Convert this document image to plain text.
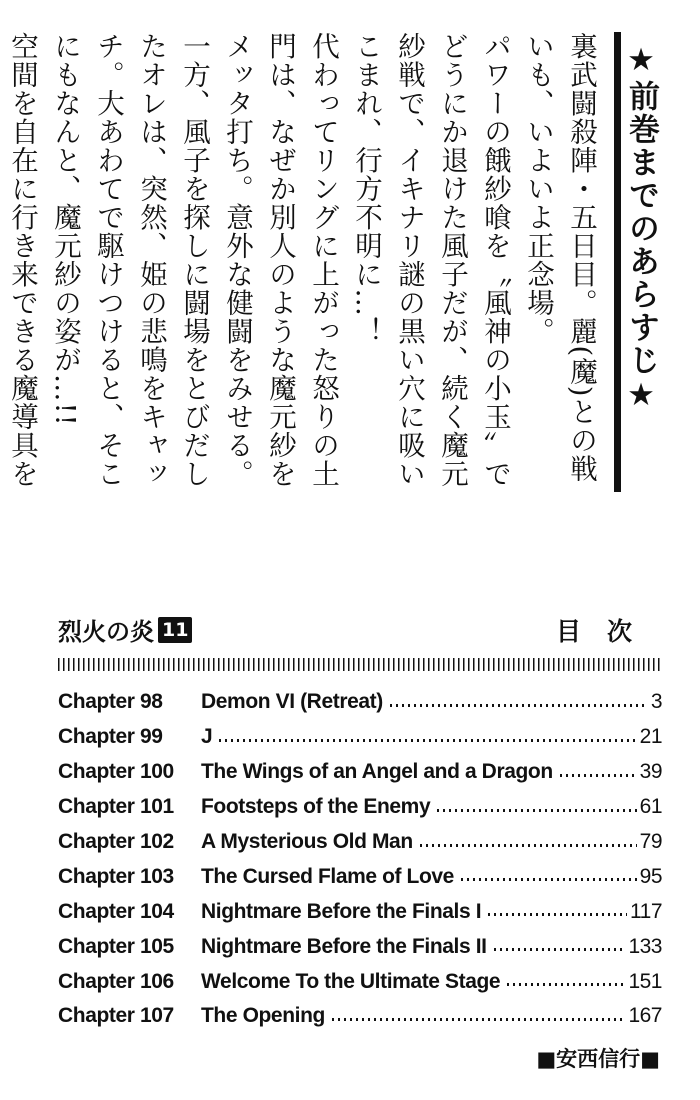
★前巻までのあらすじ★

裏武闘殺陣・五日目。麗(魔)との戦いも、いよいよ正念場。

パワーの餓紗喰を〝風神の小玉〟でどうにか退けた風子だが、続く魔元紗戦で、イキナリ謎の黒い穴に吸いこまれ、行方不明に…！

代わってリングに上がった怒りの土門は、なぜか別人のような魔元紗をメッタ打ち。意外な健闘をみせる。

一方、風子を探しに闘場をとびだしたオレは、突然、姫の悲鳴をキャッチ。大あわてで駆けつけると、そこにもなんと、魔元紗の姿が…!!

空間を自在に行き来できる魔導具を

烈火の炎 11	目次
Chapter 98	Demon VI (Retreat)	3
Chapter 99	J	21
Chapter 100	The Wings of an Angel and a Dragon	39
Chapter 101	Footsteps of the Enemy	61
Chapter 102	A Mysterious Old Man	79
Chapter 103	The Cursed Flame of Love	95
Chapter 104	Nightmare Before the Finals I	117
Chapter 105	Nightmare Before the Finals II	133
Chapter 106	Welcome To the Ultimate Stage	151
Chapter 107	The Opening	167
■安西信行■
